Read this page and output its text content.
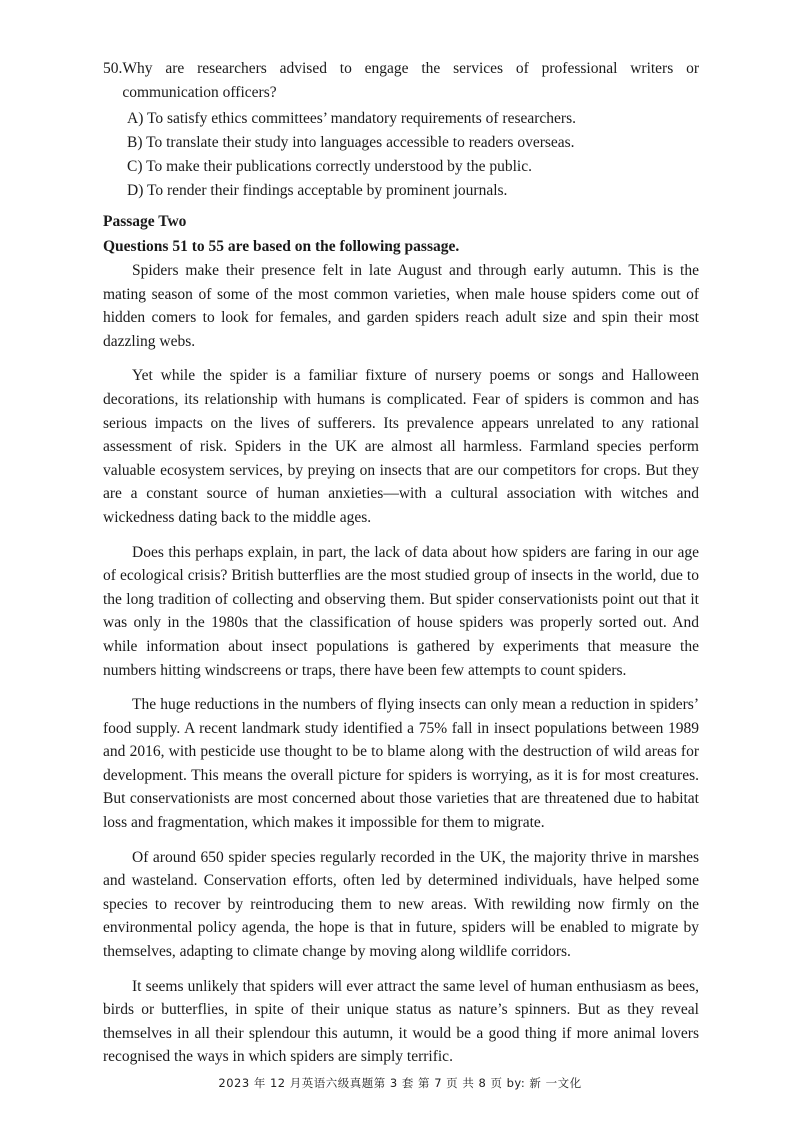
50. Why are researchers advised to engage the services of professional writers or communication officers?
A) To satisfy ethics committees’ mandatory requirements of researchers.
B) To translate their study into languages accessible to readers overseas.
C) To make their publications correctly understood by the public.
D) To render their findings acceptable by prominent journals.
Passage Two
Questions 51 to 55 are based on the following passage.

Spiders make their presence felt in late August and through early autumn. This is the mating season of some of the most common varieties, when male house spiders come out of hidden comers to look for females, and garden spiders reach adult size and spin their most dazzling webs.

Yet while the spider is a familiar fixture of nursery poems or songs and Halloween decorations, its relationship with humans is complicated. Fear of spiders is common and has serious impacts on the lives of sufferers. Its prevalence appears unrelated to any rational assessment of risk. Spiders in the UK are almost all harmless. Farmland species perform valuable ecosystem services, by preying on insects that are our competitors for crops. But they are a constant source of human anxieties—with a cultural association with witches and wickedness dating back to the middle ages.

Does this perhaps explain, in part, the lack of data about how spiders are faring in our age of ecological crisis? British butterflies are the most studied group of insects in the world, due to the long tradition of collecting and observing them. But spider conservationists point out that it was only in the 1980s that the classification of house spiders was properly sorted out. And while information about insect populations is gathered by experiments that measure the numbers hitting windscreens or traps, there have been few attempts to count spiders.

The huge reductions in the numbers of flying insects can only mean a reduction in spiders’ food supply. A recent landmark study identified a 75% fall in insect populations between 1989 and 2016, with pesticide use thought to be to blame along with the destruction of wild areas for development. This means the overall picture for spiders is worrying, as it is for most creatures. But conservationists are most concerned about those varieties that are threatened due to habitat loss and fragmentation, which makes it impossible for them to migrate.

Of around 650 spider species regularly recorded in the UK, the majority thrive in marshes and wasteland. Conservation efforts, often led by determined individuals, have helped some species to recover by reintroducing them to new areas. With rewilding now firmly on the environmental policy agenda, the hope is that in future, spiders will be enabled to migrate by themselves, adapting to climate change by moving along wildlife corridors.

It seems unlikely that spiders will ever attract the same level of human enthusiasm as bees, birds or butterflies, in spite of their unique status as nature’s spinners. But as they reveal themselves in all their splendour this autumn, it would be a good thing if more animal lovers recognised the ways in which spiders are simply terrific.

2023 年 12 月英语六级真题第 3 套 第 7 页 共 8 页 by: 新 一文化
